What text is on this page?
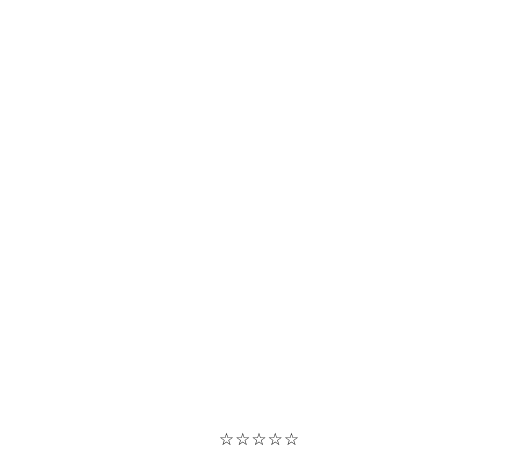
☆☆☆☆☆
